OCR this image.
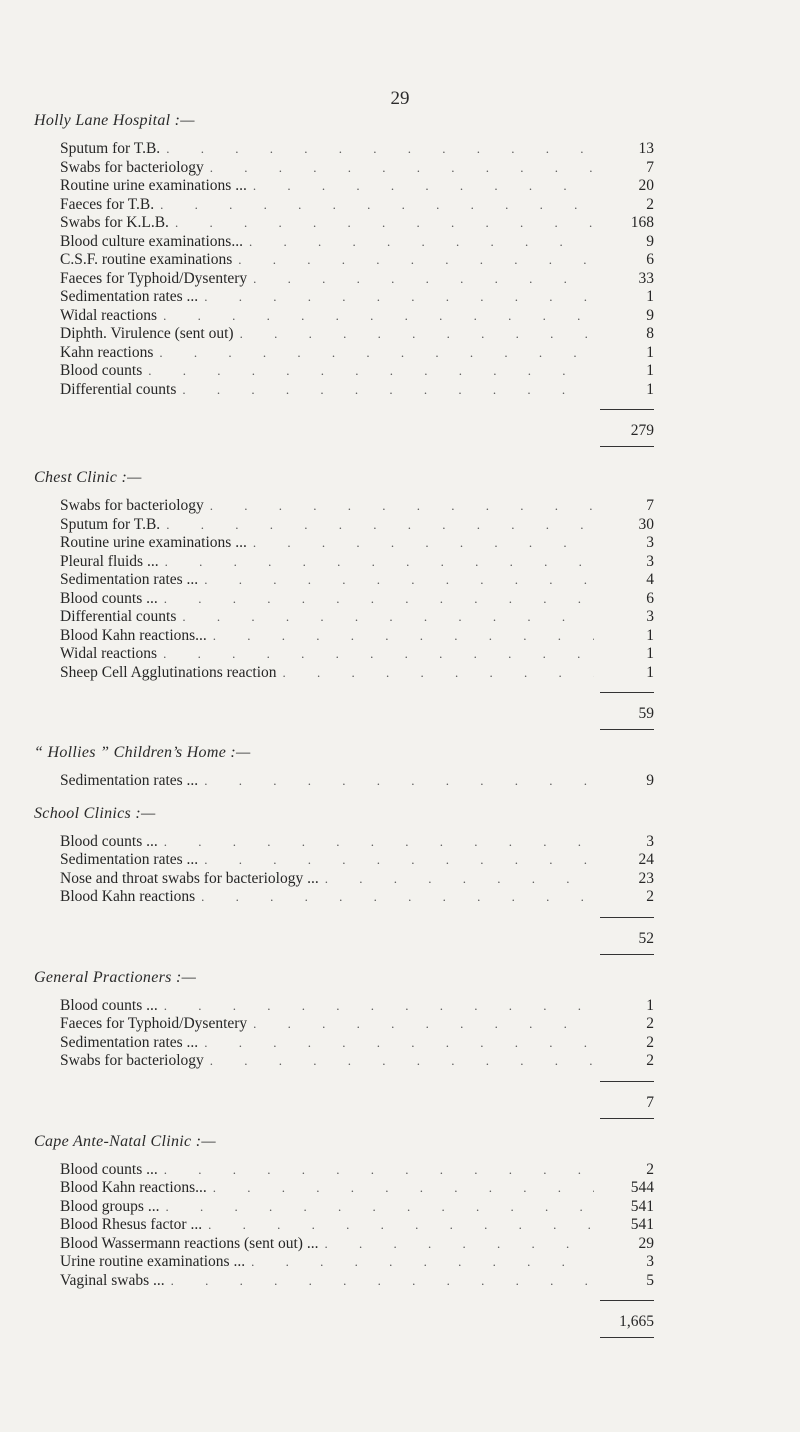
29
Holly Lane Hospital :—
Sputum for T.B. . . .	13
Swabs for bacteriology . . .	7
Routine urine examinations ... . . .	20
Faeces for T.B. . . .	2
Swabs for K.L.B. . . .	168
Blood culture examinations... . . .	9
C.S.F. routine examinations . . .	6
Faeces for Typhoid/Dysentery . . .	33
Sedimentation rates ... . . .	1
Widal reactions . . .	9
Diphth. Virulence (sent out) . . .	8
Kahn reactions . . .	1
Blood counts . . .	1
Differential counts . . .	1
279
Chest Clinic :—
Swabs for bacteriology . . .	7
Sputum for T.B. . . .	30
Routine urine examinations ... . . .	3
Pleural fluids ... . . .	3
Sedimentation rates ... . . .	4
Blood counts ... . . .	6
Differential counts . . .	3
Blood Kahn reactions... . . .	1
Widal reactions . . .	1
Sheep Cell Agglutinations reaction . . .	1
59
“ Hollies ” Children’s Home :—
Sedimentation rates ... . . .	9
School Clinics :—
Blood counts ... . . .	3
Sedimentation rates ... . . .	24
Nose and throat swabs for bacteriology ... . . .	23
Blood Kahn reactions . . .	2
52
General Practioners :—
Blood counts ... . . .	1
Faeces for Typhoid/Dysentery . . .	2
Sedimentation rates ... . . .	2
Swabs for bacteriology . . .	2
7
Cape Ante-Natal Clinic :—
Blood counts ... . . .	2
Blood Kahn reactions... . . .	544
Blood groups ... . . .	541
Blood Rhesus factor ... . . .	541
Blood Wassermann reactions (sent out) ... . . .	29
Urine routine examinations ... . . .	3
Vaginal swabs ... . . .	5
1,665
